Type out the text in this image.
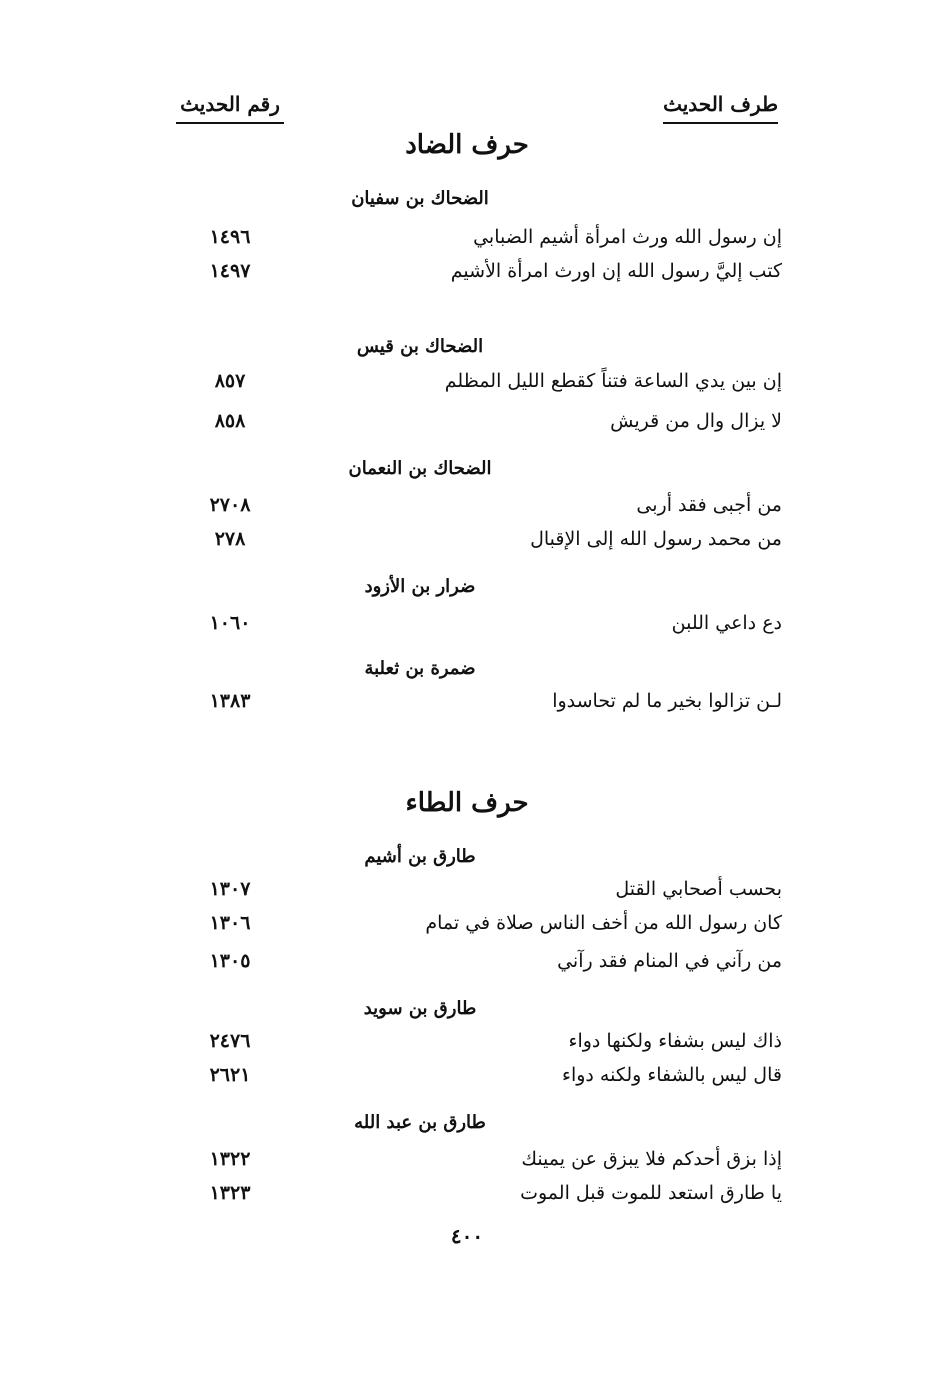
طرف الحديث
رقم الحديث
حرف الضاد
الضحاك بن سفيان
إن رسول الله ورث امرأة أشيم الضبابي
١٤٩٦
كتب إليَّ رسول الله إن اورث امرأة الأشيم
١٤٩٧
الضحاك بن قيس
إن بين يدي الساعة فتناً كقطع الليل المظلم
٨٥٧
لا يزال وال من قريش
٨٥٨
الضحاك بن النعمان
من أجبى فقد أربى
٢٧٠٨
من محمد رسول الله إلى الإقبال
٢٧٨
ضرار بن الأزود
دع داعي اللبن
١٠٦٠
ضمرة بن ثعلبة
لـن تزالوا بخير ما لم تحاسدوا
١٣٨٣
حرف الطاء
طارق بن أشيم
بحسب أصحابي القتل
١٣٠٧
كان رسول الله من أخف الناس صلاة في تمام
١٣٠٦
من رآني في المنام فقد رآني
١٣٠٥
طارق بن سويد
ذاك ليس بشفاء ولكنها دواء
٢٤٧٦
قال ليس بالشفاء ولكنه دواء
٢٦٢١
طارق بن عبد الله
إذا بزق أحدكم فلا يبزق عن يمينك
١٣٢٢
يا طارق استعد للموت قبل الموت
١٣٢٣
٤٠٠
